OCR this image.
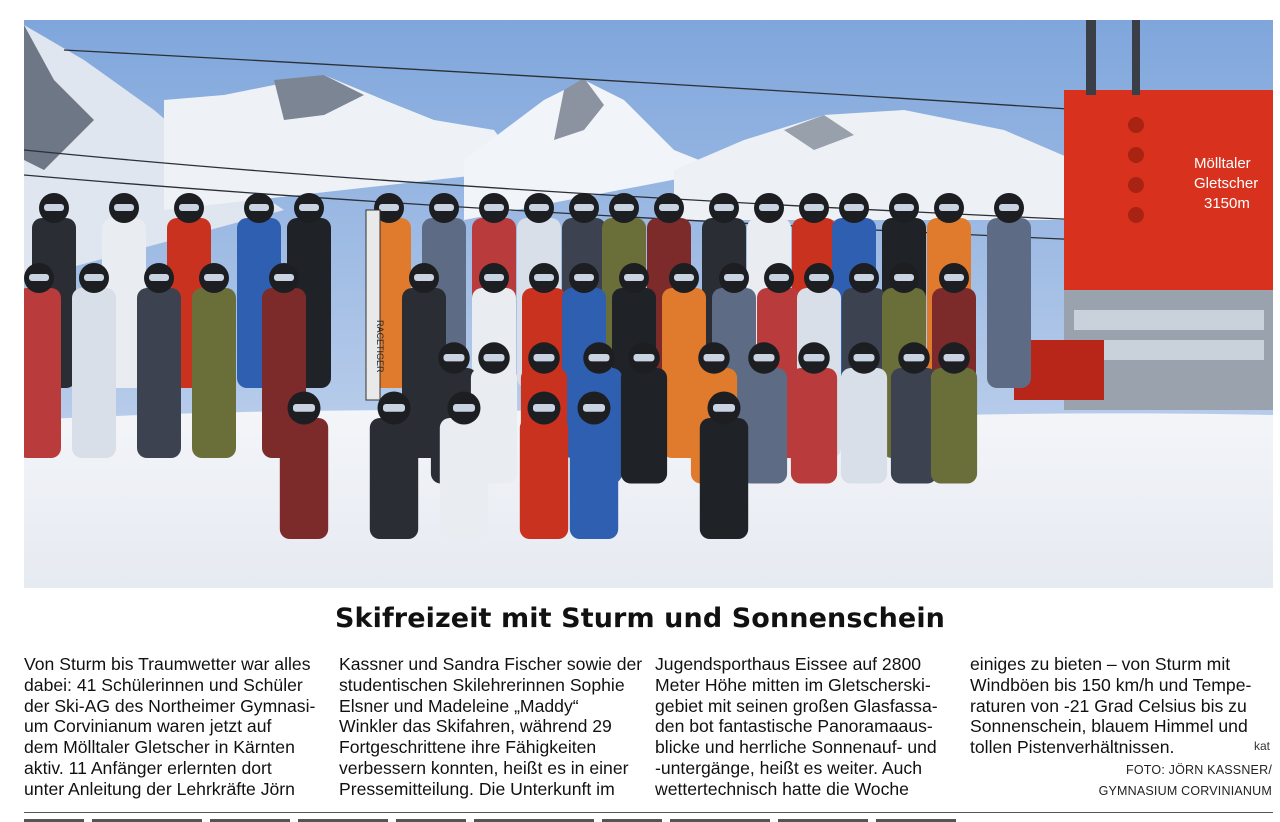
Mölltaler
Gletscher
3150m
RACETIGER
Skifreizeit mit Sturm und Sonnenschein
Von Sturm bis Traumwetter war alles
dabei: 41 Schülerinnen und Schüler
der Ski-AG des Northeimer Gymnasi-
um Corvinianum waren jetzt auf
dem Mölltaler Gletscher in Kärnten
aktiv. 11 Anfänger erlernten dort
unter Anleitung der Lehrkräfte Jörn
Kassner und Sandra Fischer sowie der
studentischen Skilehrerinnen Sophie
Elsner und Madeleine „Maddy“
Winkler das Skifahren, während 29
Fortgeschrittene ihre Fähigkeiten
verbessern konnten, heißt es in einer
Pressemitteilung. Die Unterkunft im
Jugendsporthaus Eissee auf 2800
Meter Höhe mitten im Gletscherski-
gebiet mit seinen großen Glasfassa-
den bot fantastische Panoramaaus-
blicke und herrliche Sonnenauf- und
-untergänge, heißt es weiter. Auch
wettertechnisch hatte die Woche
einiges zu bieten – von Sturm mit
Windböen bis 150 km/h und Tempe-
raturen von -21 Grad Celsius bis zu
Sonnenschein, blauem Himmel und
tollen Pistenverhältnissen.	kat
FOTO: JÖRN KASSNER/
GYMNASIUM CORVINIANUM
